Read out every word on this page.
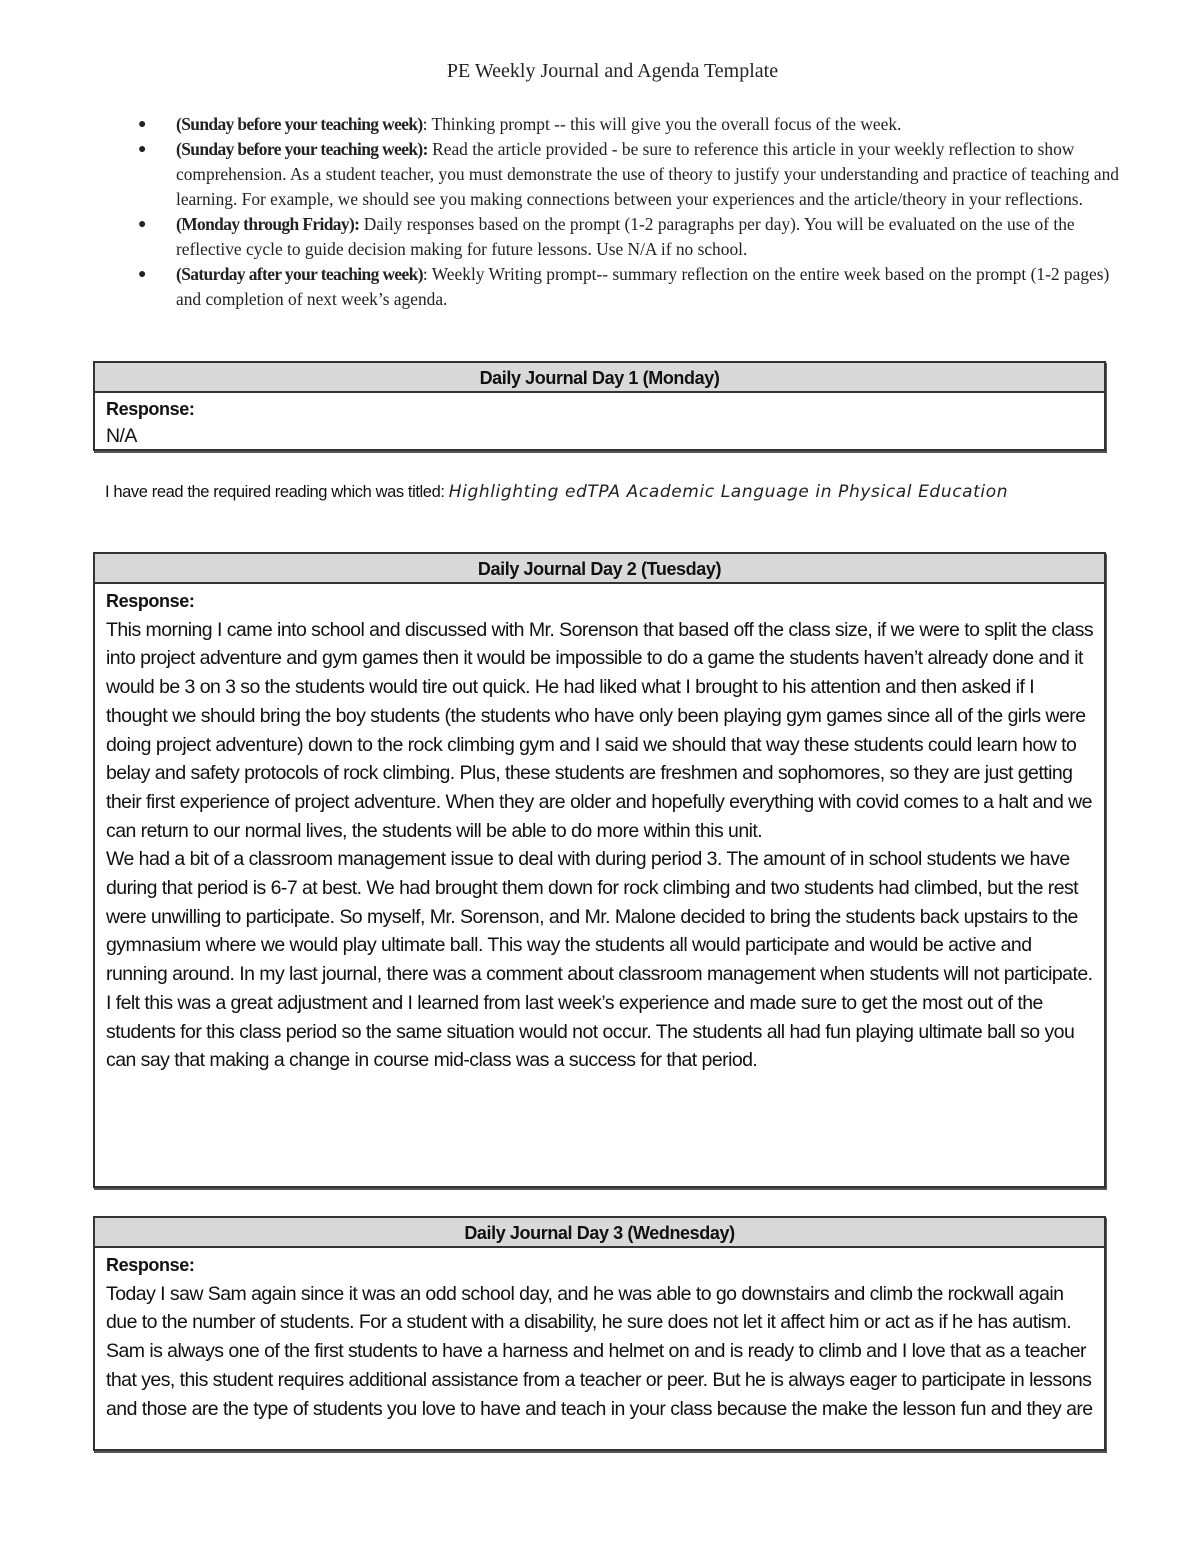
PE Weekly Journal and Agenda Template
● (Sunday before your teaching week): Thinking prompt -- this will give you the overall focus of the week.
● (Sunday before your teaching week): Read the article provided - be sure to reference this article in your weekly reflection to show comprehension. As a student teacher, you must demonstrate the use of theory to justify your understanding and practice of teaching and learning. For example, we should see you making connections between your experiences and the article/theory in your reflections.
● (Monday through Friday): Daily responses based on the prompt (1-2 paragraphs per day). You will be evaluated on the use of the reflective cycle to guide decision making for future lessons. Use N/A if no school.
● (Saturday after your teaching week): Weekly Writing prompt-- summary reflection on the entire week based on the prompt (1-2 pages) and completion of next week’s agenda.
Daily Journal Day 1 (Monday)
Response:
N/A
I have read the required reading which was titled: Highlighting edTPA Academic Language in Physical Education
Daily Journal Day 2 (Tuesday)
Response:
This morning I came into school and discussed with Mr. Sorenson that based off the class size, if we were to split the class into project adventure and gym games then it would be impossible to do a game the students haven’t already done and it would be 3 on 3 so the students would tire out quick. He had liked what I brought to his attention and then asked if I thought we should bring the boy students (the students who have only been playing gym games since all of the girls were doing project adventure) down to the rock climbing gym and I said we should that way these students could learn how to belay and safety protocols of rock climbing. Plus, these students are freshmen and sophomores, so they are just getting their first experience of project adventure. When they are older and hopefully everything with covid comes to a halt and we can return to our normal lives, the students will be able to do more within this unit.
We had a bit of a classroom management issue to deal with during period 3. The amount of in school students we have during that period is 6-7 at best. We had brought them down for rock climbing and two students had climbed, but the rest were unwilling to participate. So myself, Mr. Sorenson, and Mr. Malone decided to bring the students back upstairs to the gymnasium where we would play ultimate ball. This way the students all would participate and would be active and running around. In my last journal, there was a comment about classroom management when students will not participate. I felt this was a great adjustment and I learned from last week’s experience and made sure to get the most out of the students for this class period so the same situation would not occur. The students all had fun playing ultimate ball so you can say that making a change in course mid-class was a success for that period.
Daily Journal Day 3 (Wednesday)
Response:
Today I saw Sam again since it was an odd school day, and he was able to go downstairs and climb the rockwall again due to the number of students. For a student with a disability, he sure does not let it affect him or act as if he has autism. Sam is always one of the first students to have a harness and helmet on and is ready to climb and I love that as a teacher that yes, this student requires additional assistance from a teacher or peer. But he is always eager to participate in lessons and those are the type of students you love to have and teach in your class because the make the lesson fun and they are
